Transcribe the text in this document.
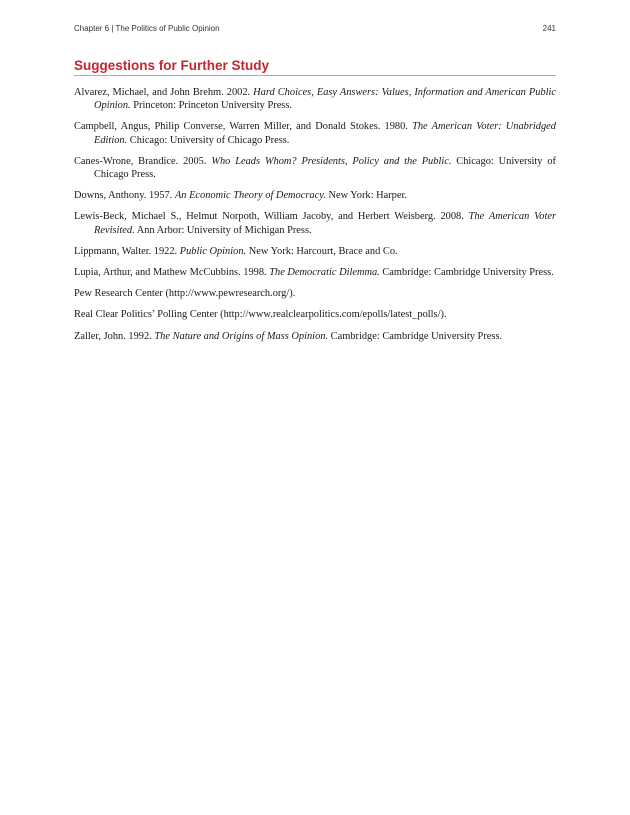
Chapter 6 | The Politics of Public Opinion	241
Suggestions for Further Study
Alvarez, Michael, and John Brehm. 2002. Hard Choices, Easy Answers: Values, Information and American Public Opinion. Princeton: Princeton University Press.
Campbell, Angus, Philip Converse, Warren Miller, and Donald Stokes. 1980. The American Voter: Unabridged Edition. Chicago: University of Chicago Press.
Canes-Wrone, Brandice. 2005. Who Leads Whom? Presidents, Policy and the Public. Chicago: University of Chicago Press.
Downs, Anthony. 1957. An Economic Theory of Democracy. New York: Harper.
Lewis-Beck, Michael S., Helmut Norpoth, William Jacoby, and Herbert Weisberg. 2008. The American Voter Revisited. Ann Arbor: University of Michigan Press.
Lippmann, Walter. 1922. Public Opinion. New York: Harcourt, Brace and Co.
Lupia, Arthur, and Mathew McCubbins. 1998. The Democratic Dilemma. Cambridge: Cambridge University Press.
Pew Research Center (http://www.pewresearch.org/).
Real Clear Politics’ Polling Center (http://www.realclearpolitics.com/epolls/latest_polls/).
Zaller, John. 1992. The Nature and Origins of Mass Opinion. Cambridge: Cambridge University Press.
